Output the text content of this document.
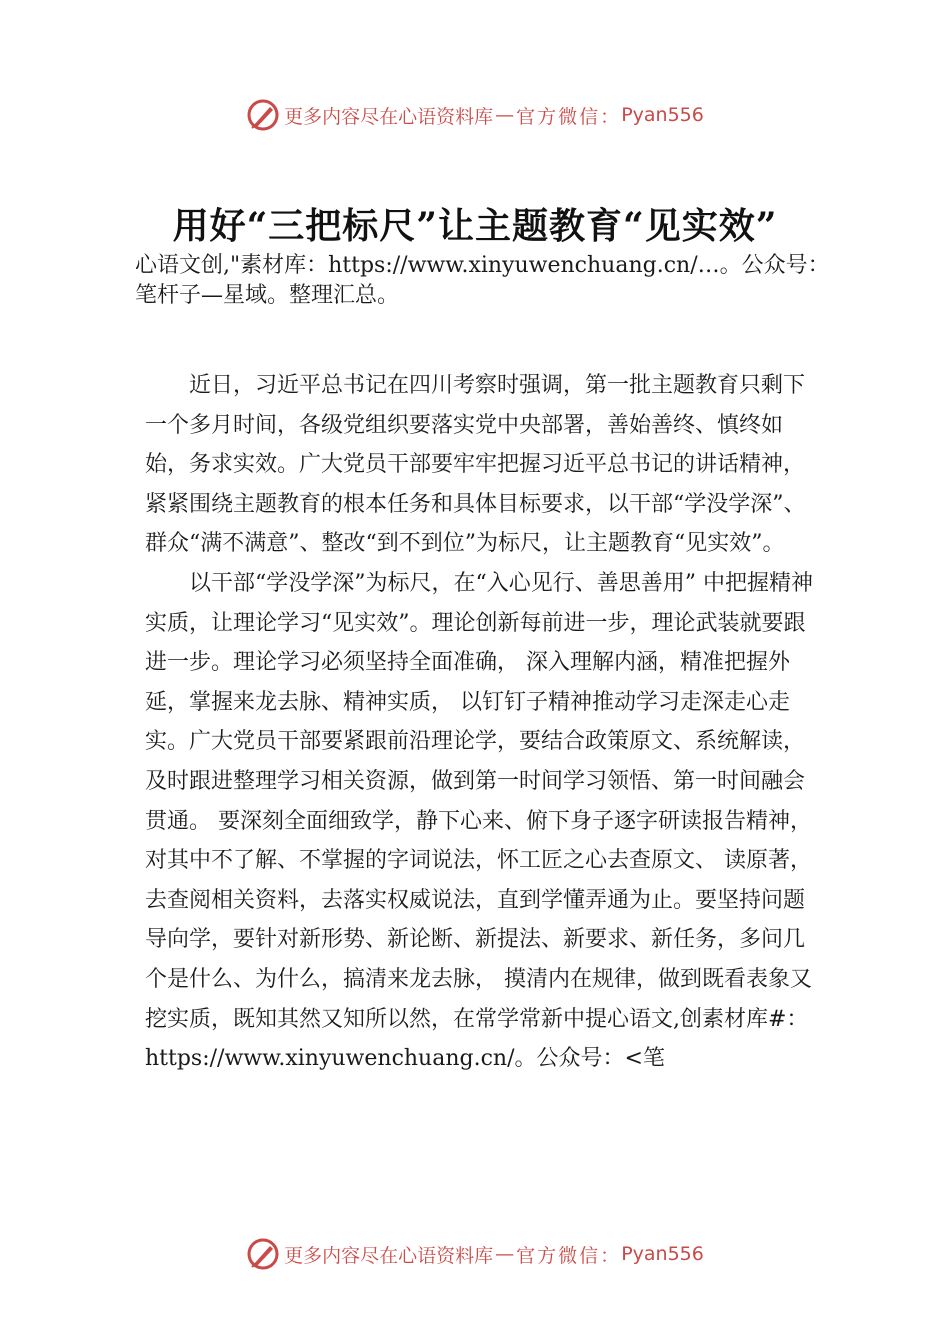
更多内容尽在心语资料库 — 官方微信： Pyan556
用好“三把标尺”让主题教育“见实效”
心语文创,"素材库：https://www.xinyuwenchuang.cn/…。公众号：笔杆子—星域。整理汇总。

近日，习近平总书记在四川考察时强调，第一批主题教育只剩下一个多月时间，各级党组织要落实党中央部署，善始善终、慎终如始，务求实效。广大党员干部要牢牢把握习近平总书记的讲话精神，紧紧围绕主题教育的根本任务和具体目标要求，以干部“学没学深”、群众“满不满意”、整改“到不到位”为标尺，让主题教育“见实效”。

以干部“学没学深”为标尺，在“入心见行、善思善用” 中把握精神实质，让理论学习“见实效”。理论创新每前进一步，理论武装就要跟进一步。理论学习必须坚持全面准确， 深入理解内涵，精准把握外延，掌握来龙去脉、精神实质， 以钉钉子精神推动学习走深走心走实。广大党员干部要紧跟前沿理论学，要结合政策原文、系统解读，及时跟进整理学习相关资源，做到第一时间学习领悟、第一时间融会贯通。 要深刻全面细致学，静下心来、俯下身子逐字研读报告精神， 对其中不了解、不掌握的字词说法，怀工匠之心去查原文、 读原著，去查阅相关资料，去落实权威说法，直到学懂弄通为止。要坚持问题导向学，要针对新形势、新论断、新提法、新要求、新任务，多问几个是什么、为什么，搞清来龙去脉， 摸清内在规律，做到既看表象又挖实质，既知其然又知所以然，在常学常新中提心语文,创素材库#：https://www.xinyuwenchuang.cn/。公众号：<笔

更多内容尽在心语资料库 — 官方微信： Pyan556
